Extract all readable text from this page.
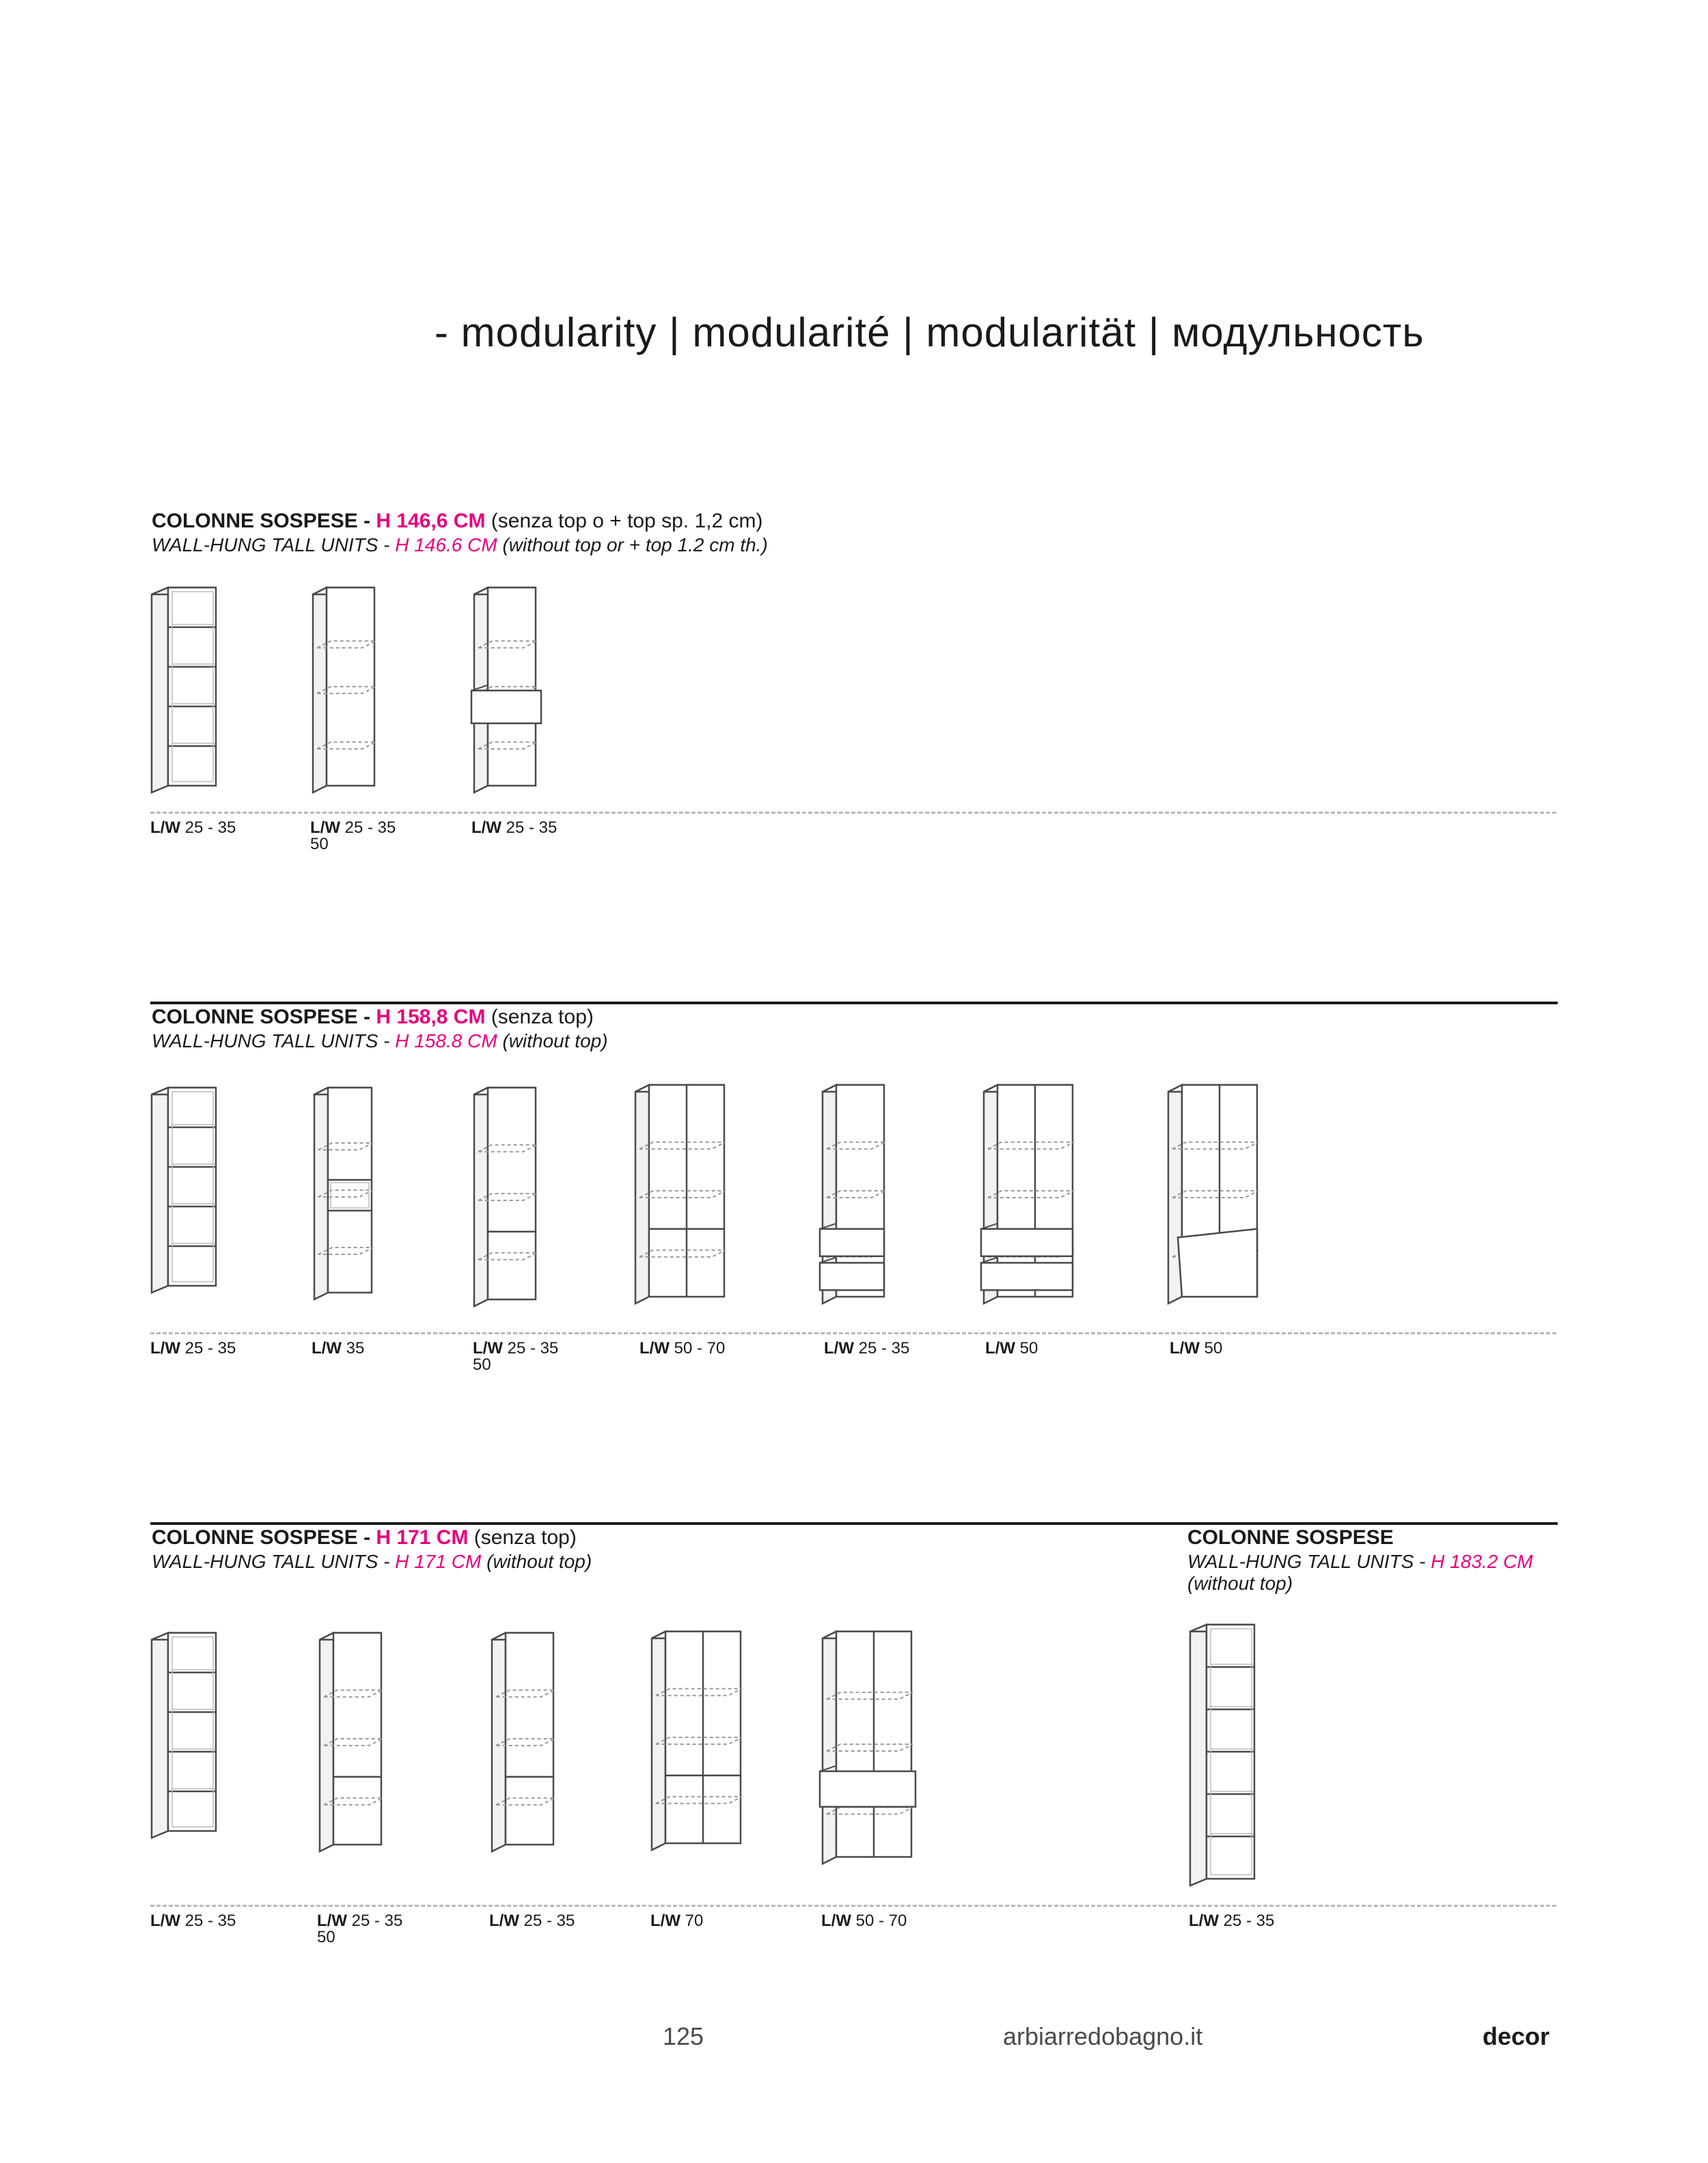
- modularity | modularité | modularität | модульность
COLONNE SOSPESE - H 146,6 CM (senza top o + top sp. 1,2 cm)
WALL-HUNG TALL UNITS - H 146.6 CM (without top or + top 1.2 cm th.)
L/W 25 - 35	L/W 25 - 35
50
L/W 25 - 35
COLONNE SOSPESE - H 158,8 CM (senza top)
WALL-HUNG TALL UNITS - H 158.8 CM (without top)
L/W 25 - 35	L/W 35	L/W 25 - 35
50
L/W 50 - 70	L/W 25 - 35	L/W 50	L/W 50
COLONNE SOSPESE - H 171 CM (senza top)
WALL-HUNG TALL UNITS - H 171 CM (without top)
L/W 25 - 35	L/W 25 - 35
50
L/W 25 - 35	L/W 70	L/W 50 - 70
COLONNE SOSPESE
WALL-HUNG TALL UNITS - H 183.2 CM
(without top)
L/W 25 - 35
125	arbiarredobagno.it	decor
